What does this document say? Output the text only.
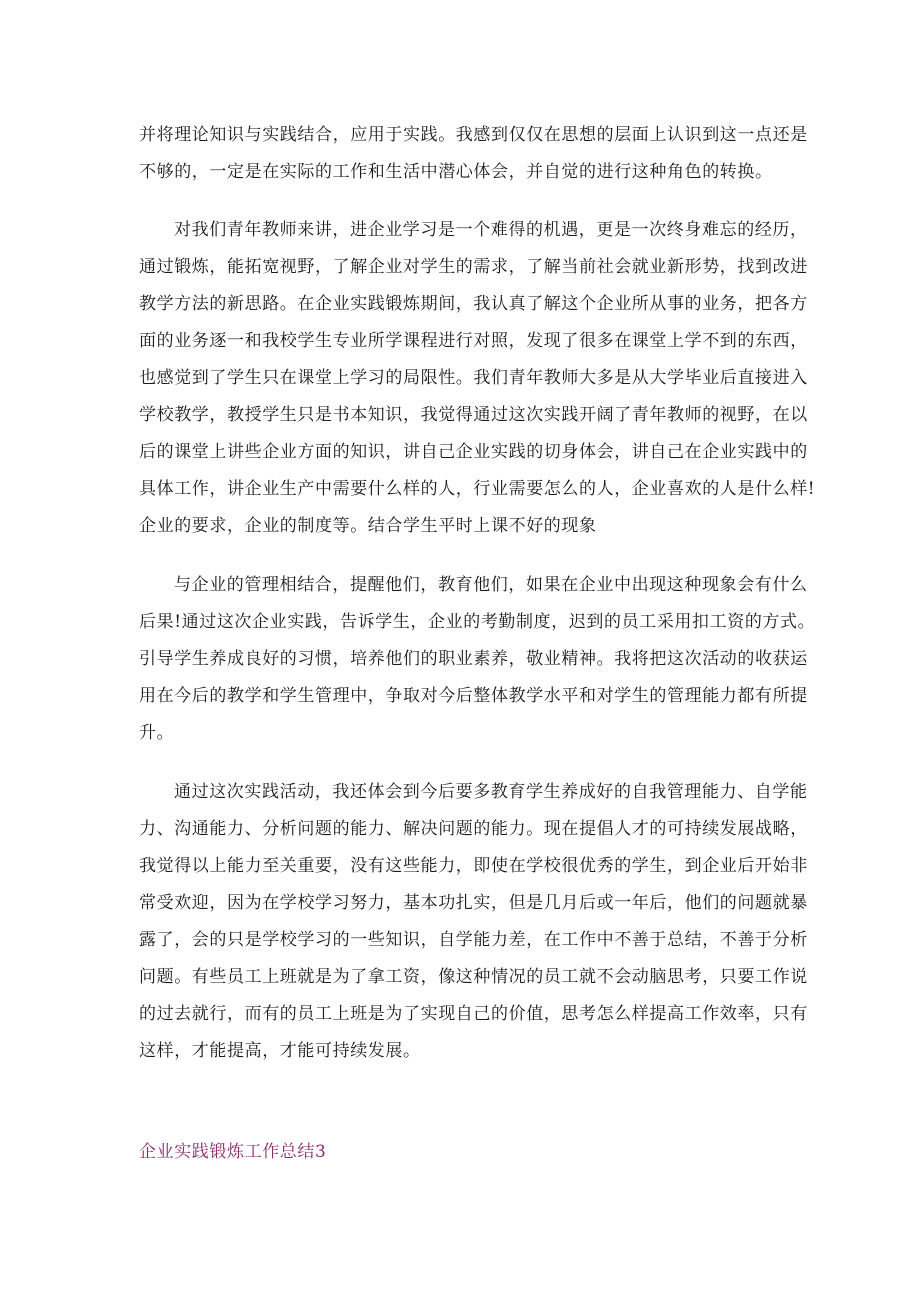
并将理论知识与实践结合，应用于实践。我感到仅仅在思想的层面上认识到这一点还是
不够的，一定是在实际的工作和生活中潜心体会，并自觉的进行这种角色的转换。
对我们青年教师来讲，进企业学习是一个难得的机遇，更是一次终身难忘的经历，
通过锻炼，能拓宽视野，了解企业对学生的需求，了解当前社会就业新形势，找到改进
教学方法的新思路。在企业实践锻炼期间，我认真了解这个企业所从事的业务，把各方
面的业务逐一和我校学生专业所学课程进行对照，发现了很多在课堂上学不到的东西，
也感觉到了学生只在课堂上学习的局限性。我们青年教师大多是从大学毕业后直接进入
学校教学，教授学生只是书本知识，我觉得通过这次实践开阔了青年教师的视野，在以
后的课堂上讲些企业方面的知识，讲自己企业实践的切身体会，讲自己在企业实践中的
具体工作，讲企业生产中需要什么样的人，行业需要怎么的人，企业喜欢的人是什么样!
企业的要求，企业的制度等。结合学生平时上课不好的现象
与企业的管理相结合，提醒他们，教育他们，如果在企业中出现这种现象会有什么
后果!通过这次企业实践，告诉学生，企业的考勤制度，迟到的员工采用扣工资的方式。
引导学生养成良好的习惯，培养他们的职业素养，敬业精神。我将把这次活动的收获运
用在今后的教学和学生管理中，争取对今后整体教学水平和对学生的管理能力都有所提
升。
通过这次实践活动，我还体会到今后要多教育学生养成好的自我管理能力、自学能
力、沟通能力、分析问题的能力、解决问题的能力。现在提倡人才的可持续发展战略，
我觉得以上能力至关重要，没有这些能力，即使在学校很优秀的学生，到企业后开始非
常受欢迎，因为在学校学习努力，基本功扎实，但是几月后或一年后，他们的问题就暴
露了，会的只是学校学习的一些知识，自学能力差，在工作中不善于总结，不善于分析
问题。有些员工上班就是为了拿工资，像这种情况的员工就不会动脑思考，只要工作说
的过去就行，而有的员工上班是为了实现自己的价值，思考怎么样提高工作效率，只有
这样，才能提高，才能可持续发展。
企业实践锻炼工作总结3
